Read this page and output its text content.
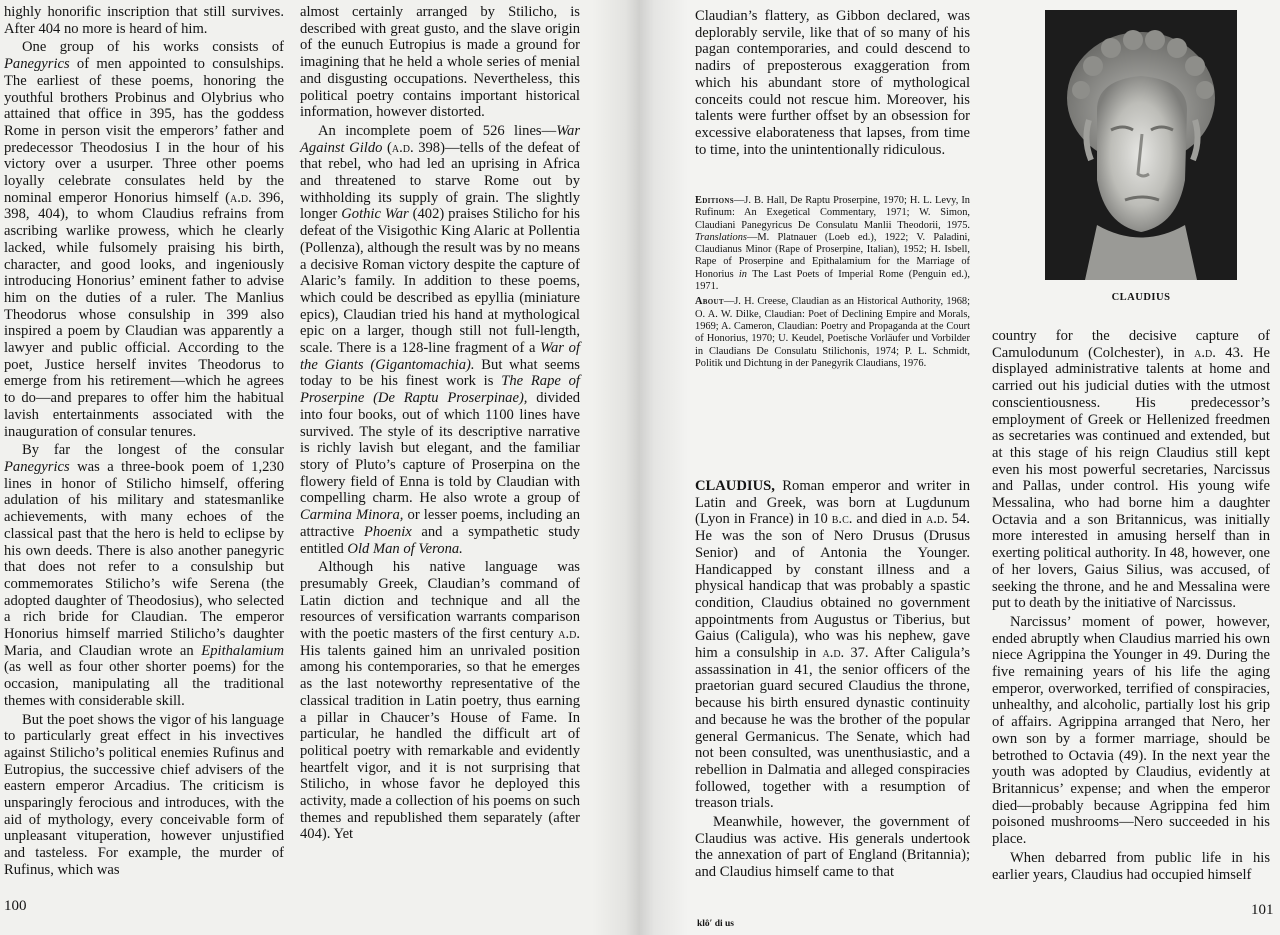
highly honorific inscription that still survives. After 404 no more is heard of him.

One group of his works consists of Panegyrics of men appointed to consulships. The earliest of these poems, honoring the youthful brothers Probinus and Olybrius who attained that office in 395, has the goddess Rome in person visit the emperors’ father and predecessor Theodosius I in the hour of his victory over a usurper. Three other poems loyally celebrate consulates held by the nominal emperor Honorius himself (a.d. 396, 398, 404), to whom Claudius refrains from ascribing warlike prowess, which he clearly lacked, while fulsomely praising his birth, character, and good looks, and ingeniously introducing Honorius’ eminent father to advise him on the duties of a ruler. The Manlius Theodorus whose consulship in 399 also inspired a poem by Claudian was apparently a lawyer and public official. According to the poet, Justice herself invites Theodorus to emerge from his retirement—which he agrees to do—and prepares to offer him the habitual lavish entertainments associated with the inauguration of consular tenures.

By far the longest of the consular Panegyrics was a three-book poem of 1,230 lines in honor of Stilicho himself, offering adulation of his military and statesmanlike achievements, with many echoes of the classical past that the hero is held to eclipse by his own deeds. There is also another panegyric that does not refer to a consulship but commemorates Stilicho’s wife Serena (the adopted daughter of Theodosius), who selected a rich bride for Claudian. The emperor Honorius himself married Stilicho’s daughter Maria, and Claudian wrote an Epithalamium (as well as four other shorter poems) for the occasion, manipulating all the traditional themes with considerable skill.

But the poet shows the vigor of his language to particularly great effect in his invectives against Stilicho’s political enemies Rufinus and Eutropius, the successive chief advisers of the eastern emperor Arcadius. The criticism is unsparingly ferocious and introduces, with the aid of mythology, every conceivable form of unpleasant vituperation, however unjustified and tasteless. For example, the murder of Rufinus, which was

almost certainly arranged by Stilicho, is described with great gusto, and the slave origin of the eunuch Eutropius is made a ground for imagining that he held a whole series of menial and disgusting occupations. Nevertheless, this political poetry contains important historical information, however distorted.

An incomplete poem of 526 lines—War Against Gildo (a.d. 398)—tells of the defeat of that rebel, who had led an uprising in Africa and threatened to starve Rome out by withholding its supply of grain. The slightly longer Gothic War (402) praises Stilicho for his defeat of the Visigothic King Alaric at Pollentia (Pollenza), although the result was by no means a decisive Roman victory despite the capture of Alaric’s family. In addition to these poems, which could be described as epyllia (miniature epics), Claudian tried his hand at mythological epic on a larger, though still not full-length, scale. There is a 128-line fragment of a War of the Giants (Gigantomachia). But what seems today to be his finest work is The Rape of Proserpine (De Raptu Proserpinae), divided into four books, out of which 1100 lines have survived. The style of its descriptive narrative is richly lavish but elegant, and the familiar story of Pluto’s capture of Proserpina on the flowery field of Enna is told by Claudian with compelling charm. He also wrote a group of Carmina Minora, or lesser poems, including an attractive Phoenix and a sympathetic study entitled Old Man of Verona.

Although his native language was presumably Greek, Claudian’s command of Latin diction and technique and all the resources of versification warrants comparison with the poetic masters of the first century a.d. His talents gained him an unrivaled position among his contemporaries, so that he emerges as the last noteworthy representative of the classical tradition in Latin poetry, thus earning a pillar in Chaucer’s House of Fame. In particular, he handled the difficult art of political poetry with remarkable and evidently heartfelt vigor, and it is not surprising that Stilicho, in whose favor he deployed this activity, made a collection of his poems on such themes and republished them separately (after 404). Yet

100

Claudian’s flattery, as Gibbon declared, was deplorably servile, like that of so many of his pagan contemporaries, and could descend to nadirs of preposterous exaggeration from which his abundant store of mythological conceits could not rescue him. Moreover, his talents were further offset by an obsession for excessive elaborateness that lapses, from time to time, into the unintentionally ridiculous.

Editions—J. B. Hall, De Raptu Proserpine, 1970; H. L. Levy, In Rufinum: An Exegetical Commentary, 1971; W. Simon, Claudiani Panegyricus De Consulatu Manlii Theodorii, 1975. Translations—M. Platnauer (Loeb ed.), 1922; V. Paladini, Claudianus Minor (Rape of Proserpine, Italian), 1952; H. Isbell, Rape of Proserpine and Epithalamium for the Marriage of Honorius in The Last Poets of Imperial Rome (Penguin ed.), 1971.

About—J. H. Creese, Claudian as an Historical Authority, 1968; O. A. W. Dilke, Claudian: Poet of Declining Empire and Morals, 1969; A. Cameron, Claudian: Poetry and Propaganda at the Court of Honorius, 1970; U. Keudel, Poetische Vorläufer und Vorbilder in Claudians De Consulatu Stilichonis, 1974; P. L. Schmidt, Politik und Dichtung in der Panegyrik Claudians, 1976.

CLAUDIUS, Roman emperor and writer in Latin and Greek, was born at Lugdunum (Lyon in France) in 10 b.c. and died in a.d. 54. He was the son of Nero Drusus (Drusus Senior) and of Antonia the Younger. Handicapped by constant illness and a physical handicap that was probably a spastic condition, Claudius obtained no government appointments from Augustus or Tiberius, but Gaius (Caligula), who was his nephew, gave him a consulship in a.d. 37. After Caligula’s assassination in 41, the senior officers of the praetorian guard secured Claudius the throne, because his birth ensured dynastic continuity and because he was the brother of the popular general Germanicus. The Senate, which had not been consulted, was unenthusiastic, and a rebellion in Dalmatia and alleged conspiracies followed, together with a resumption of treason trials.

Meanwhile, however, the government of Claudius was active. His generals undertook the annexation of part of England (Britannia); and Claudius himself came to that

klô′ di us
CLAUDIUS

country for the decisive capture of Camulodunum (Colchester), in a.d. 43. He displayed administrative talents at home and carried out his judicial duties with the utmost conscientiousness. His predecessor’s employment of Greek or Hellenized freedmen as secretaries was continued and extended, but at this stage of his reign Claudius still kept even his most powerful secretaries, Narcissus and Pallas, under control. His young wife Messalina, who had borne him a daughter Octavia and a son Britannicus, was initially more interested in amusing herself than in exerting political authority. In 48, however, one of her lovers, Gaius Silius, was accused, of seeking the throne, and he and Messalina were put to death by the initiative of Narcissus.

Narcissus’ moment of power, however, ended abruptly when Claudius married his own niece Agrippina the Younger in 49. During the five remaining years of his life the aging emperor, overworked, terrified of conspiracies, unhealthy, and alcoholic, partially lost his grip of affairs. Agrippina arranged that Nero, her own son by a former marriage, should be betrothed to Octavia (49). In the next year the youth was adopted by Claudius, evidently at Britannicus’ expense; and when the emperor died—probably because Agrippina fed him poisoned mushrooms—Nero succeeded in his place.

When debarred from public life in his earlier years, Claudius had occupied himself

101
